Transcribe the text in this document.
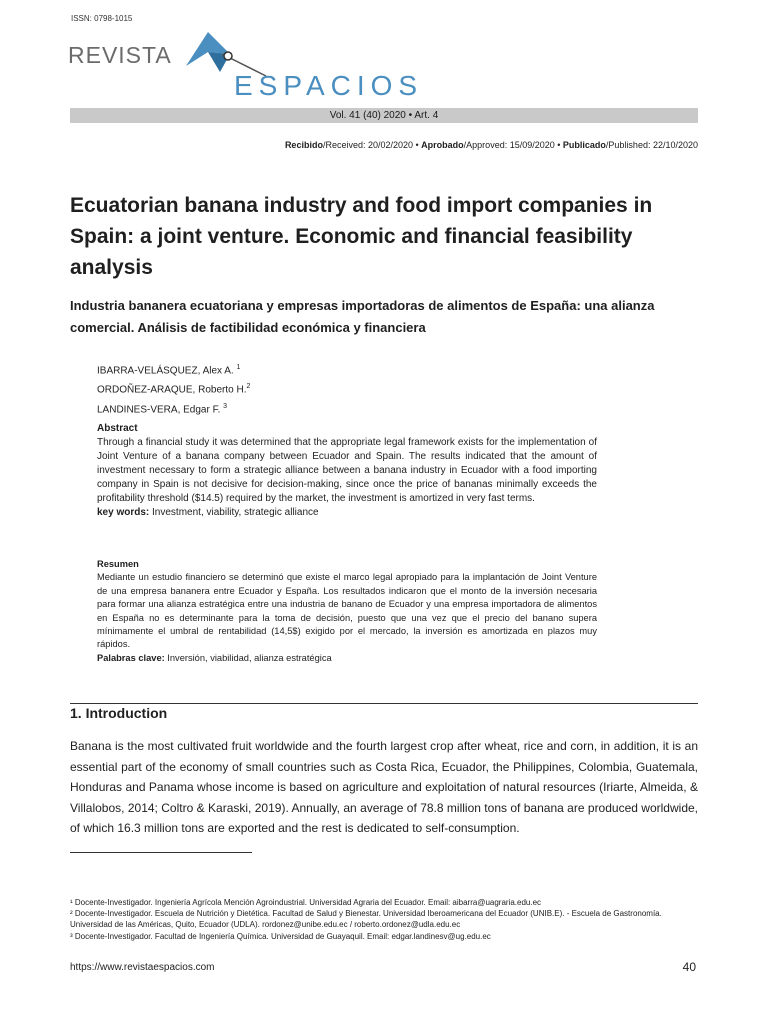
ISSN: 0798-1015
REVISTA
ESPACIOS
Vol. 41 (40) 2020 • Art. 4
Recibido/Received: 20/02/2020 • Aprobado/Approved: 15/09/2020 • Publicado/Published: 22/10/2020
Ecuatorian banana industry and food import companies in Spain: a joint venture. Economic and financial feasibility analysis
Industria bananera ecuatoriana y empresas importadoras de alimentos de España: una alianza comercial. Análisis de factibilidad económica y financiera
IBARRA-VELÁSQUEZ, Alex A. $^1$
ORDOÑEZ-ARAQUE, Roberto H.$^2$
LANDINES-VERA, Edgar F. $^3$
Abstract

Through a financial study it was determined that the appropriate legal framework exists for the implementation of Joint Venture of a banana company between Ecuador and Spain. The results indicated that the amount of investment necessary to form a strategic alliance between a banana industry in Ecuador with a food importing company in Spain is not decisive for decision-making, since once the price of bananas minimally exceeds the profitability threshold ($14.5) required by the market, the investment is amortized in very fast terms.

key words: Investment, viability, strategic alliance
Resumen

Mediante un estudio financiero se determinó que existe el marco legal apropiado para la implantación de Joint Venture de una empresa bananera entre Ecuador y España. Los resultados indicaron que el monto de la inversión necesaria para formar una alianza estratégica entre una industria de banano de Ecuador y una empresa importadora de alimentos en España no es determinante para la toma de decisión, puesto que una vez que el precio del banano supera mínimamente el umbral de rentabilidad (14,5$) exigido por el mercado, la inversión es amortizada en plazos muy rápidos.

Palabras clave: Inversión, viabilidad, alianza estratégica
1. Introduction

Banana is the most cultivated fruit worldwide and the fourth largest crop after wheat, rice and corn, in addition, it is an essential part of the economy of small countries such as Costa Rica, Ecuador, the Philippines, Colombia, Guatemala, Honduras and Panama whose income is based on agriculture and exploitation of natural resources (Iriarte, Almeida, & Villalobos, 2014; Coltro & Karaski, 2019). Annually, an average of 78.8 million tons of banana are produced worldwide, of which 16.3 million tons are exported and the rest is dedicated to self-consumption.

¹ Docente-Investigador. Ingeniería Agrícola Mención Agroindustrial. Universidad Agraria del Ecuador. Email: aibarra@uagraria.edu.ec
² Docente-Investigador. Escuela de Nutrición y Dietética. Facultad de Salud y Bienestar. Universidad Iberoamericana del Ecuador (UNIB.E). - Escuela de Gastronomía. Universidad de las Américas, Quito, Ecuador (UDLA). rordonez@unibe.edu.ec / roberto.ordonez@udla.edu.ec
³ Docente-Investigador. Facultad de Ingeniería Química. Universidad de Guayaquil. Email: edgar.landinesv@ug.edu.ec
https://www.revistaespacios.com	40
